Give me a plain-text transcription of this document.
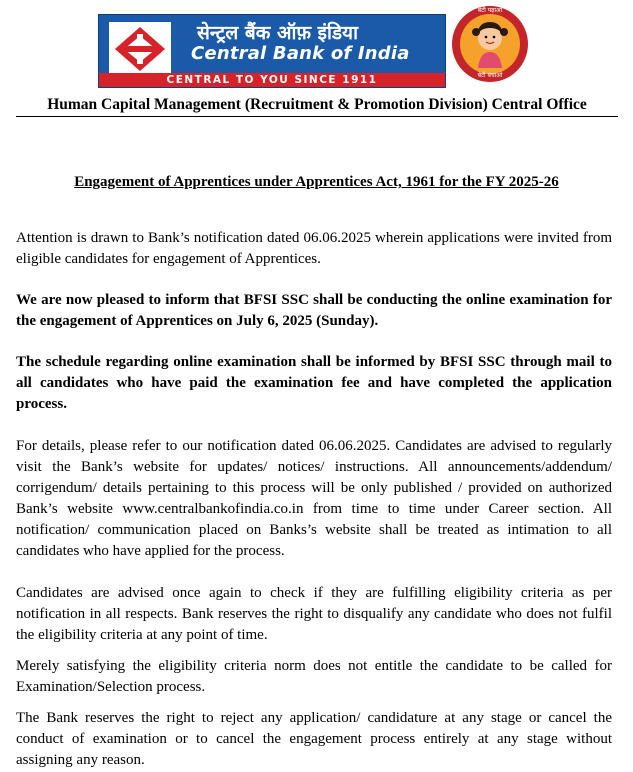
सेन्ट्रल बैंक ऑफ़ इंडिया
Central Bank of India
CENTRAL TO YOU SINCE 1911
बेटी पढ़ाओ
बेटी बचाओ
Human Capital Management (Recruitment & Promotion Division) Central Office
Engagement of Apprentices under Apprentices Act, 1961 for the FY 2025-26

Attention is drawn to Bank’s notification dated 06.06.2025 wherein applications were invited from eligible candidates for engagement of Apprentices.

We are now pleased to inform that BFSI SSC shall be conducting the online examination for the engagement of Apprentices on July 6, 2025 (Sunday).

The schedule regarding online examination shall be informed by BFSI SSC through mail to all candidates who have paid the examination fee and have completed the application process.

For details, please refer to our notification dated 06.06.2025. Candidates are advised to regularly visit the Bank’s website for updates/ notices/ instructions. All announcements/addendum/ corrigendum/ details pertaining to this process will be only published / provided on authorized Bank’s website www.centralbankofindia.co.in from time to time under Career section. All notification/ communication placed on Banks’s website shall be treated as intimation to all candidates who have applied for the process.

Candidates are advised once again to check if they are fulfilling eligibility criteria as per notification in all respects. Bank reserves the right to disqualify any candidate who does not fulfil the eligibility criteria at any point of time.

Merely satisfying the eligibility criteria norm does not entitle the candidate to be called for Examination/Selection process.

The Bank reserves the right to reject any application/ candidature at any stage or cancel the conduct of examination or to cancel the engagement process entirely at any stage without assigning any reason.
